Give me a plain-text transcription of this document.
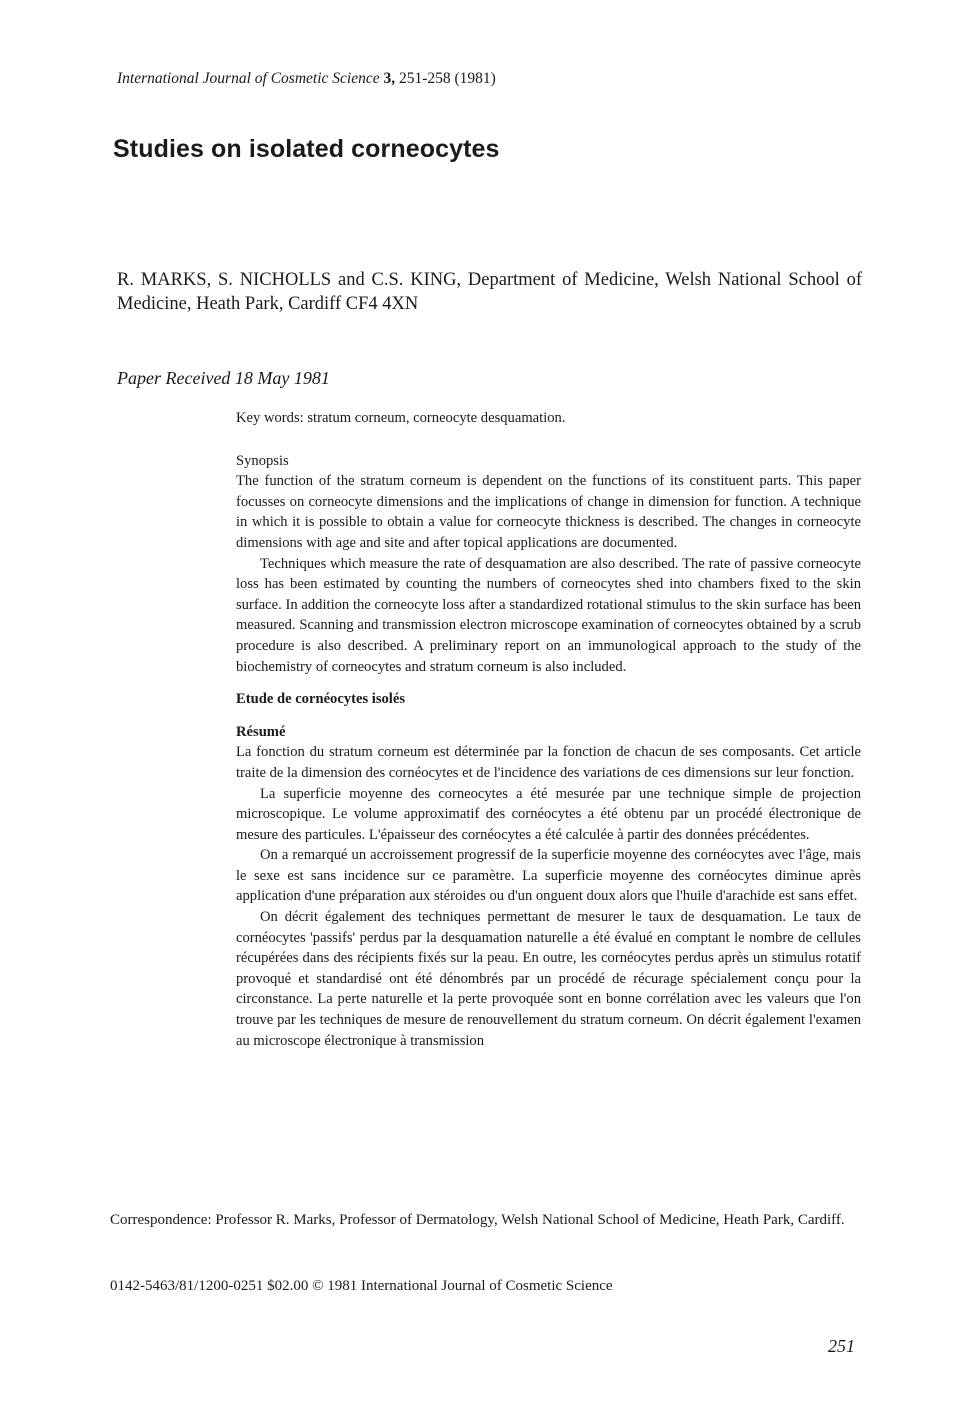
International Journal of Cosmetic Science 3, 251-258 (1981)
Studies on isolated corneocytes
R. MARKS, S. NICHOLLS and C.S. KING, Department of Medicine, Welsh National School of Medicine, Heath Park, Cardiff CF4 4XN
Paper Received 18 May 1981

Key words: stratum corneum, corneocyte desquamation.

Synopsis

The function of the stratum corneum is dependent on the functions of its constituent parts. This paper focusses on corneocyte dimensions and the implications of change in dimension for function. A technique in which it is possible to obtain a value for corneocyte thickness is described. The changes in corneocyte dimensions with age and site and after topical applications are documented.

Techniques which measure the rate of desquamation are also described. The rate of passive corneocyte loss has been estimated by counting the numbers of corneocytes shed into chambers fixed to the skin surface. In addition the corneocyte loss after a standardized rotational stimulus to the skin surface has been measured. Scanning and transmission electron microscope examination of corneocytes obtained by a scrub procedure is also described. A preliminary report on an immunological approach to the study of the biochemistry of corneocytes and stratum corneum is also included.

Etude de cornéocytes isolés
Résumé

La fonction du stratum corneum est déterminée par la fonction de chacun de ses composants. Cet article traite de la dimension des cornéocytes et de l'incidence des variations de ces dimensions sur leur fonction.

La superficie moyenne des corneocytes a été mesurée par une technique simple de projection microscopique. Le volume approximatif des cornéocytes a été obtenu par un procédé électronique de mesure des particules. L'épaisseur des cornéocytes a été calculée à partir des données précédentes.

On a remarqué un accroissement progressif de la superficie moyenne des cornéocytes avec l'âge, mais le sexe est sans incidence sur ce paramètre. La superficie moyenne des cornéocytes diminue après application d'une préparation aux stéroides ou d'un onguent doux alors que l'huile d'arachide est sans effet.

On décrit également des techniques permettant de mesurer le taux de desquamation. Le taux de cornéocytes 'passifs' perdus par la desquamation naturelle a été évalué en comptant le nombre de cellules récupérées dans des récipients fixés sur la peau. En outre, les cornéocytes perdus après un stimulus rotatif provoqué et standardisé ont été dénombrés par un procédé de récurage spécialement conçu pour la circonstance. La perte naturelle et la perte provoquée sont en bonne corrélation avec les valeurs que l'on trouve par les techniques de mesure de renouvellement du stratum corneum. On décrit également l'examen au microscope électronique à transmission

Correspondence: Professor R. Marks, Professor of Dermatology, Welsh National School of Medicine, Heath Park, Cardiff.
0142-5463/81/1200-0251 $02.00 © 1981 International Journal of Cosmetic Science
251
